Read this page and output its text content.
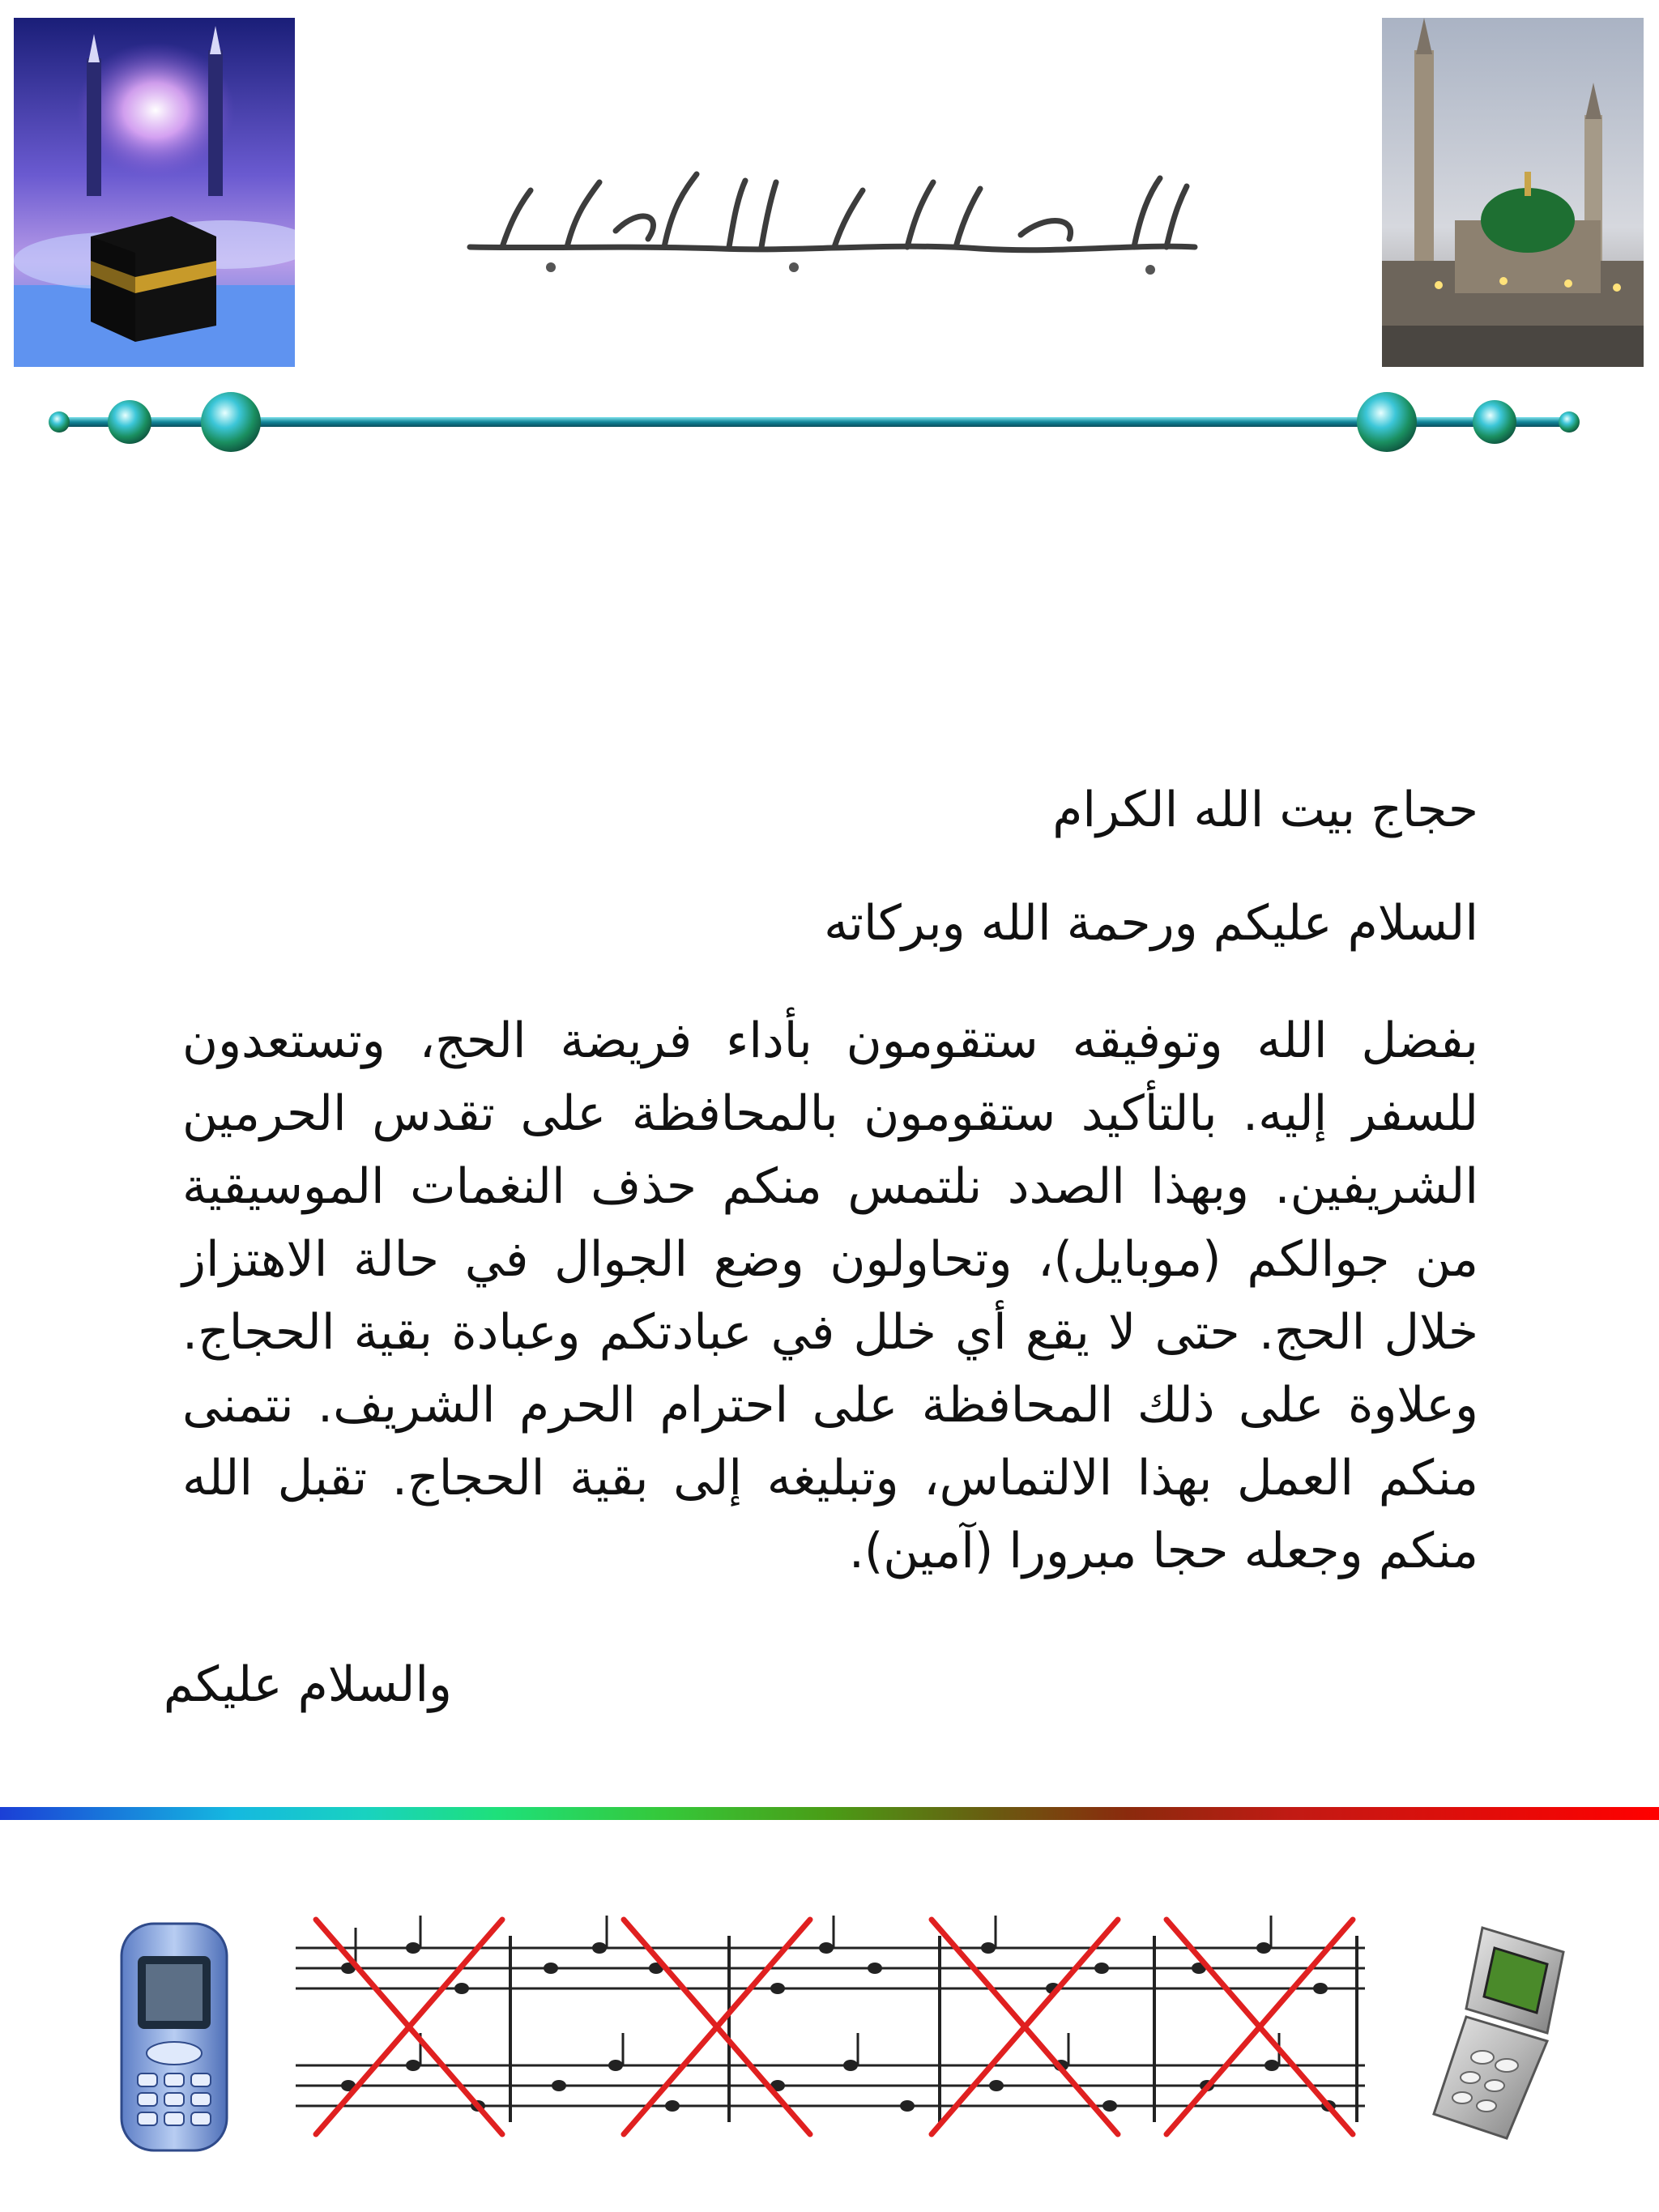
حجاج بيت الله الكرام
السلام عليكم ورحمة الله وبركاته
بفضل الله وتوفيقه ستقومون بأداء فريضة الحج، وتستعدون للسفر إليه. بالتأكيد ستقومون بالمحافظة على تقدس الحرمين الشريفين. وبهذا الصدد نلتمس منكم حذف النغمات الموسيقية من جوالكم (موبايل)، وتحاولون وضع الجوال في حالة الاهتزاز خلال الحج. حتى لا يقع أي خلل في عبادتكم وعبادة بقية الحجاج. وعلاوة على ذلك المحافظة على احترام الحرم الشريف. نتمنى منكم العمل بهذا الالتماس، وتبليغه إلى بقية الحجاج. تقبل الله منكم وجعله حجا مبرورا (آمين).
والسلام عليكم
